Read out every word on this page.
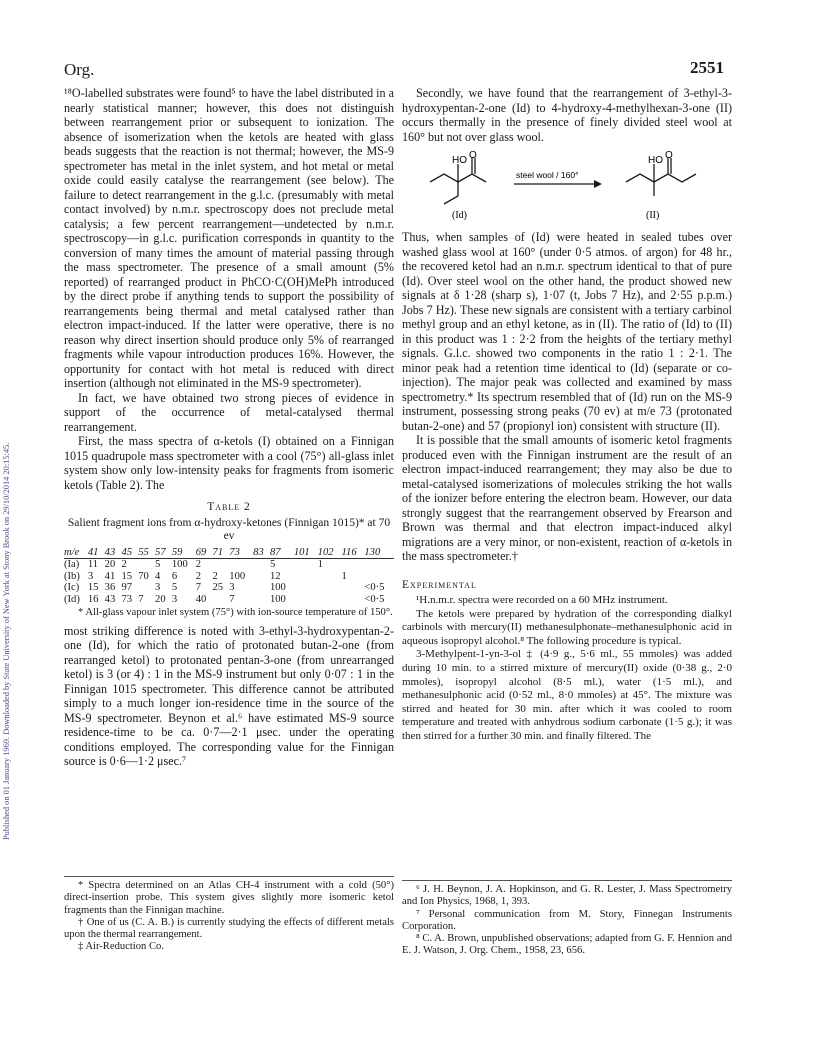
Published on 01 January 1969. Downloaded by State University of New York at Stony Brook on 29/10/2014 20:15:45.
Org.	2551

¹⁸O-labelled substrates were found⁵ to have the label distributed in a nearly statistical manner; however, this does not distinguish between rearrangement prior or subsequent to ionization. The absence of isomerization when the ketols are heated with glass beads suggests that the reaction is not thermal; however, the MS-9 spectrometer has metal in the inlet system, and hot metal or metal oxide could easily catalyse the rearrangement (see below). The failure to detect rearrangement in the g.l.c. (presumably with metal contact involved) by n.m.r. spectroscopy does not preclude metal catalysis; a few percent rearrangement—undetected by n.m.r. spectroscopy—in g.l.c. purification corresponds in quantity to the conversion of many times the amount of material passing through the mass spectrometer. The presence of a small amount (5% reported) of rearranged product in PhCO·C(OH)MePh introduced by the direct probe if anything tends to support the possibility of rearrangements being thermal and metal catalysed rather than electron impact-induced. If the latter were operative, there is no reason why direct insertion should produce only 5% of rearranged fragments while vapour introduction produces 16%. However, the opportunity for contact with hot metal is reduced with direct insertion (although not eliminated in the MS-9 spectrometer).

In fact, we have obtained two strong pieces of evidence in support of the occurrence of metal-catalysed thermal rearrangement.

First, the mass spectra of α-ketols (I) obtained on a Finnigan 1015 quadrupole mass spectrometer with a cool (75°) all-glass inlet system show only low-intensity peaks for fragments from isomeric ketols (Table 2). The

Table 2
Salient fragment ions from α-hydroxy-ketones (Finnigan 1015)* at 70 ev
m/e	41	43	45	55	57	59	69	71	73	83	87	101	102	116	130
(Ia)	11	20	2		5	100	2				5		1		
(Ib)	3	41	15	70	4	6	2	2	100		12			1	
(Ic)	15	36	97		3	5	7	25	3		100				<0·5
(Id)	16	43	73	7	20	3	40		7		100				<0·5
* All-glass vapour inlet system (75°) with ion-source temperature of 150°.

most striking difference is noted with 3-ethyl-3-hydroxypentan-2-one (Id), for which the ratio of protonated butan-2-one (from rearranged ketol) to protonated pentan-3-one (from unrearranged ketol) is 3 (or 4) : 1 in the MS-9 instrument but only 0·07 : 1 in the Finnigan 1015 spectrometer. This difference cannot be attributed simply to a much longer ion-residence time in the source of the MS-9 spectrometer. Beynon et al.⁶ have estimated MS-9 source residence-time to be ca. 0·7—2·1 μsec. under the operating conditions employed. The corresponding value for the Finnigan source is 0·6—1·2 μsec.⁷

* Spectra determined on an Atlas CH-4 instrument with a cold (50°) direct-insertion probe. This system gives slightly more isomeric ketol fragments than the Finnigan machine.

† One of us (C. A. B.) is currently studying the effects of different metals upon the thermal rearrangement.

‡ Air-Reduction Co.

Secondly, we have found that the rearrangement of 3-ethyl-3-hydroxypentan-2-one (Id) to 4-hydroxy-4-methylhexan-3-one (II) occurs thermally in the presence of finely divided steel wool at 160° but not over glass wool.

HO O
(Id)
steel wool / 160°
HO O
(II)

Thus, when samples of (Id) were heated in sealed tubes over washed glass wool at 160° (under 0·5 atmos. of argon) for 48 hr., the recovered ketol had an n.m.r. spectrum identical to that of pure (Id). Over steel wool on the other hand, the product showed new signals at δ 1·28 (sharp s), 1·07 (t, Jobs 7 Hz), and 2·55 p.p.m.) Jobs 7 Hz). These new signals are consistent with a tertiary carbinol methyl group and an ethyl ketone, as in (II). The ratio of (Id) to (II) in this product was 1 : 2·2 from the heights of the tertiary methyl signals. G.l.c. showed two components in the ratio 1 : 2·1. The minor peak had a retention time identical to (Id) (separate or co-injection). The major peak was collected and examined by mass spectrometry.* Its spectrum resembled that of (Id) run on the MS-9 instrument, possessing strong peaks (70 ev) at m/e 73 (protonated butan-2-one) and 57 (propionyl ion) consistent with structure (II).

It is possible that the small amounts of isomeric ketol fragments produced even with the Finnigan instrument are the result of an electron impact-induced rearrangement; they may also be due to metal-catalysed isomerizations of molecules striking the hot walls of the ionizer before entering the electron beam. However, our data strongly suggest that the rearrangement observed by Frearson and Brown was thermal and that electron impact-induced alkyl migrations are a very minor, or non-existent, reaction of α-ketols in the mass spectrometer.†

Experimental

¹H.n.m.r. spectra were recorded on a 60 MHz instrument.

The ketols were prepared by hydration of the corresponding dialkyl carbinols with mercury(II) methanesulphonate–methanesulphonic acid in aqueous isopropyl alcohol.⁸ The following procedure is typical.

3-Methylpent-1-yn-3-ol ‡ (4·9 g., 5·6 ml., 55 mmoles) was added during 10 min. to a stirred mixture of mercury(II) oxide (0·38 g., 2·0 mmoles), isopropyl alcohol (8·5 ml.), water (1·5 ml.), and methanesulphonic acid (0·52 ml., 8·0 mmoles) at 45°. The mixture was stirred and heated for 30 min. after which it was cooled to room temperature and treated with anhydrous sodium carbonate (1·5 g.); it was then stirred for a further 30 min. and finally filtered. The

⁶ J. H. Beynon, J. A. Hopkinson, and G. R. Lester, J. Mass Spectrometry and Ion Physics, 1968, 1, 393.

⁷ Personal communication from M. Story, Finnegan Instruments Corporation.

⁸ C. A. Brown, unpublished observations; adapted from G. F. Hennion and E. J. Watson, J. Org. Chem., 1958, 23, 656.
